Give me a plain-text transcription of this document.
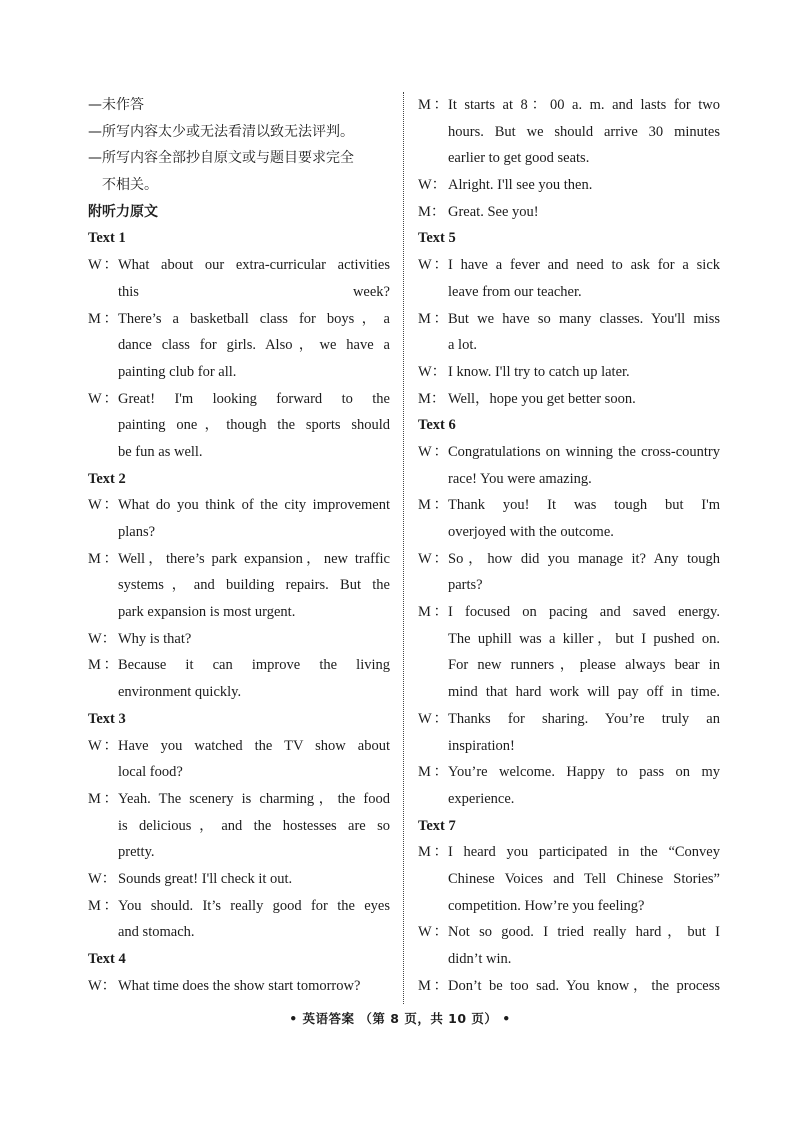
—未作答
—所写内容太少或无法看清以致无法评判。
—所写内容全部抄自原文或与题目要求完全
不相关。
附听力原文
Text 1
W：What about our extra-curricular activities
this week?
M：There’s a basketball class for boys，a
dance class for girls. Also，we have a
painting club for all.
W：Great! I'm looking forward to the
painting one，though the sports should
be fun as well.
Text 2
W：What do you think of the city improvement
plans?
M：Well，there’s park expansion，new traffic
systems，and building repairs. But the
park expansion is most urgent.
W： Why is that?
M：Because it can improve the living
environment quickly.
Text 3
W：Have you watched the TV show about
local food?
M：Yeah. The scenery is charming，the food
is delicious，and the hostesses are so
pretty.
W： Sounds great! I'll check it out.
M：You should. It’s really good for the eyes
and stomach.
Text 4
W： What time does the show start tomorrow?
M：It starts at 8：00 a. m. and lasts for two
hours. But we should arrive 30 minutes
earlier to get good seats.
W： Alright. I'll see you then.
M： Great. See you!
Text 5
W：I have a fever and need to ask for a sick
leave from our teacher.
M：But we have so many classes. You'll miss
a lot.
W： I know. I'll try to catch up later.
M： Well，hope you get better soon.
Text 6
W：Congratulations on winning the cross-country
race! You were amazing.
M：Thank you! It was tough but I'm
overjoyed with the outcome.
W：So，how did you manage it? Any tough
parts?
M：I focused on pacing and saved energy.
The uphill was a killer，but I pushed on.
For new runners，please always bear in
mind that hard work will pay off in time.
W：Thanks for sharing. You’re truly an
inspiration!
M：You’re welcome. Happy to pass on my
experience.
Text 7
M：I heard you participated in the “Convey
Chinese Voices and Tell Chinese Stories”
competition. How’re you feeling?
W：Not so good. I tried really hard，but I
didn’t win.
M：Don’t be too sad. You know，the process
• 英语答案 （第 8 页，共 10 页） •
